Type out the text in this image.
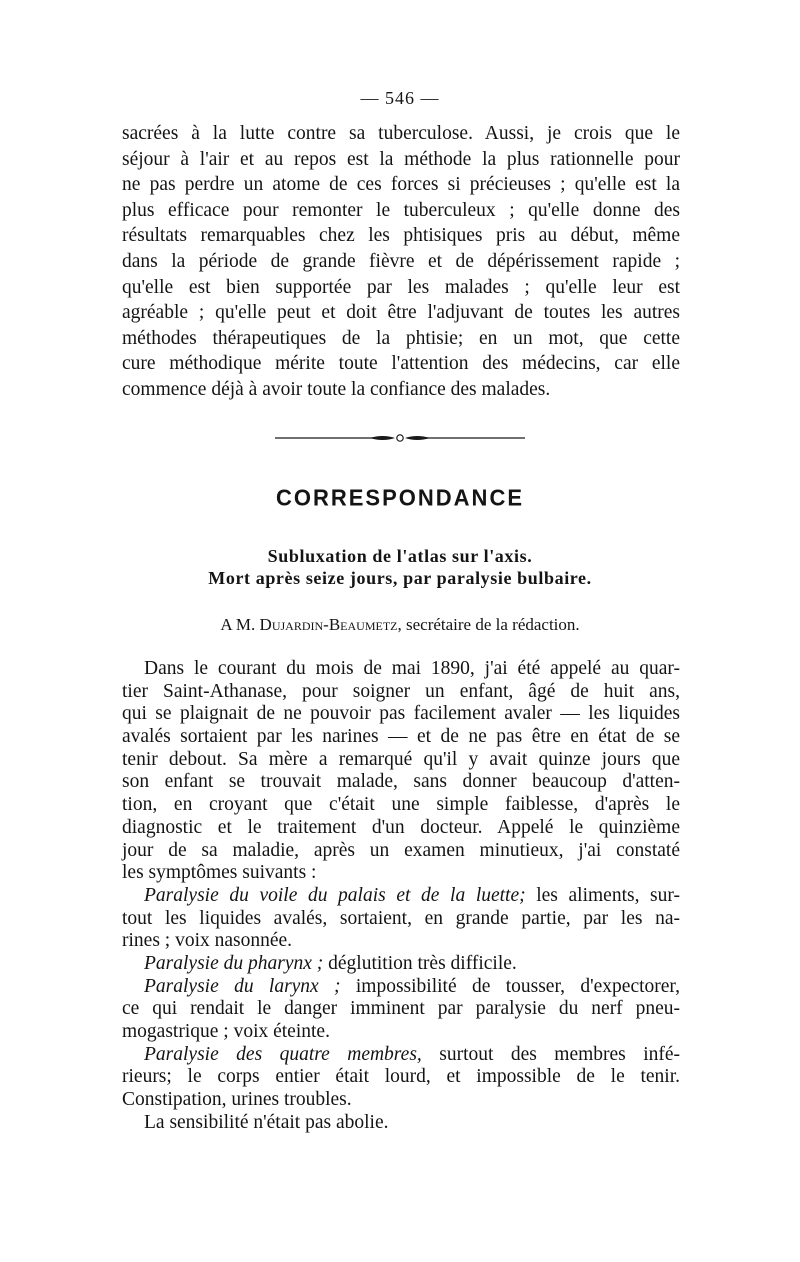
— 546 —
sacrées à la lutte contre sa tuberculose. Aussi, je crois que le
séjour à l'air et au repos est la méthode la plus rationnelle pour
ne pas perdre un atome de ces forces si précieuses ; qu'elle est la
plus efficace pour remonter le tuberculeux ; qu'elle donne des
résultats remarquables chez les phtisiques pris au début, même
dans la période de grande fièvre et de dépérissement rapide ;
qu'elle est bien supportée par les malades ; qu'elle leur est
agréable ; qu'elle peut et doit être l'adjuvant de toutes les autres
méthodes thérapeutiques de la phtisie; en un mot, que cette
cure méthodique mérite toute l'attention des médecins, car elle
commence déjà à avoir toute la confiance des malades.
CORRESPONDANCE
Subluxation de l'atlas sur l'axis.
Mort après seize jours, par paralysie bulbaire.
A M. Dujardin-Beaumetz, secrétaire de la rédaction.
Dans le courant du mois de mai 1890, j'ai été appelé au quar-
tier Saint-Athanase, pour soigner un enfant, âgé de huit ans,
qui se plaignait de ne pouvoir pas facilement avaler — les liquides
avalés sortaient par les narines — et de ne pas être en état de se
tenir debout. Sa mère a remarqué qu'il y avait quinze jours que
son enfant se trouvait malade, sans donner beaucoup d'atten-
tion, en croyant que c'était une simple faiblesse, d'après le
diagnostic et le traitement d'un docteur. Appelé le quinzième
jour de sa maladie, après un examen minutieux, j'ai constaté
les symptômes suivants :
Paralysie du voile du palais et de la luette; les aliments, sur-
tout les liquides avalés, sortaient, en grande partie, par les na-
rines ; voix nasonnée.
Paralysie du pharynx ; déglutition très difficile.
Paralysie du larynx ; impossibilité de tousser, d'expectorer,
ce qui rendait le danger imminent par paralysie du nerf pneu-
mogastrique ; voix éteinte.
Paralysie des quatre membres, surtout des membres infé-
rieurs; le corps entier était lourd, et impossible de le tenir.
Constipation, urines troubles.
La sensibilité n'était pas abolie.
